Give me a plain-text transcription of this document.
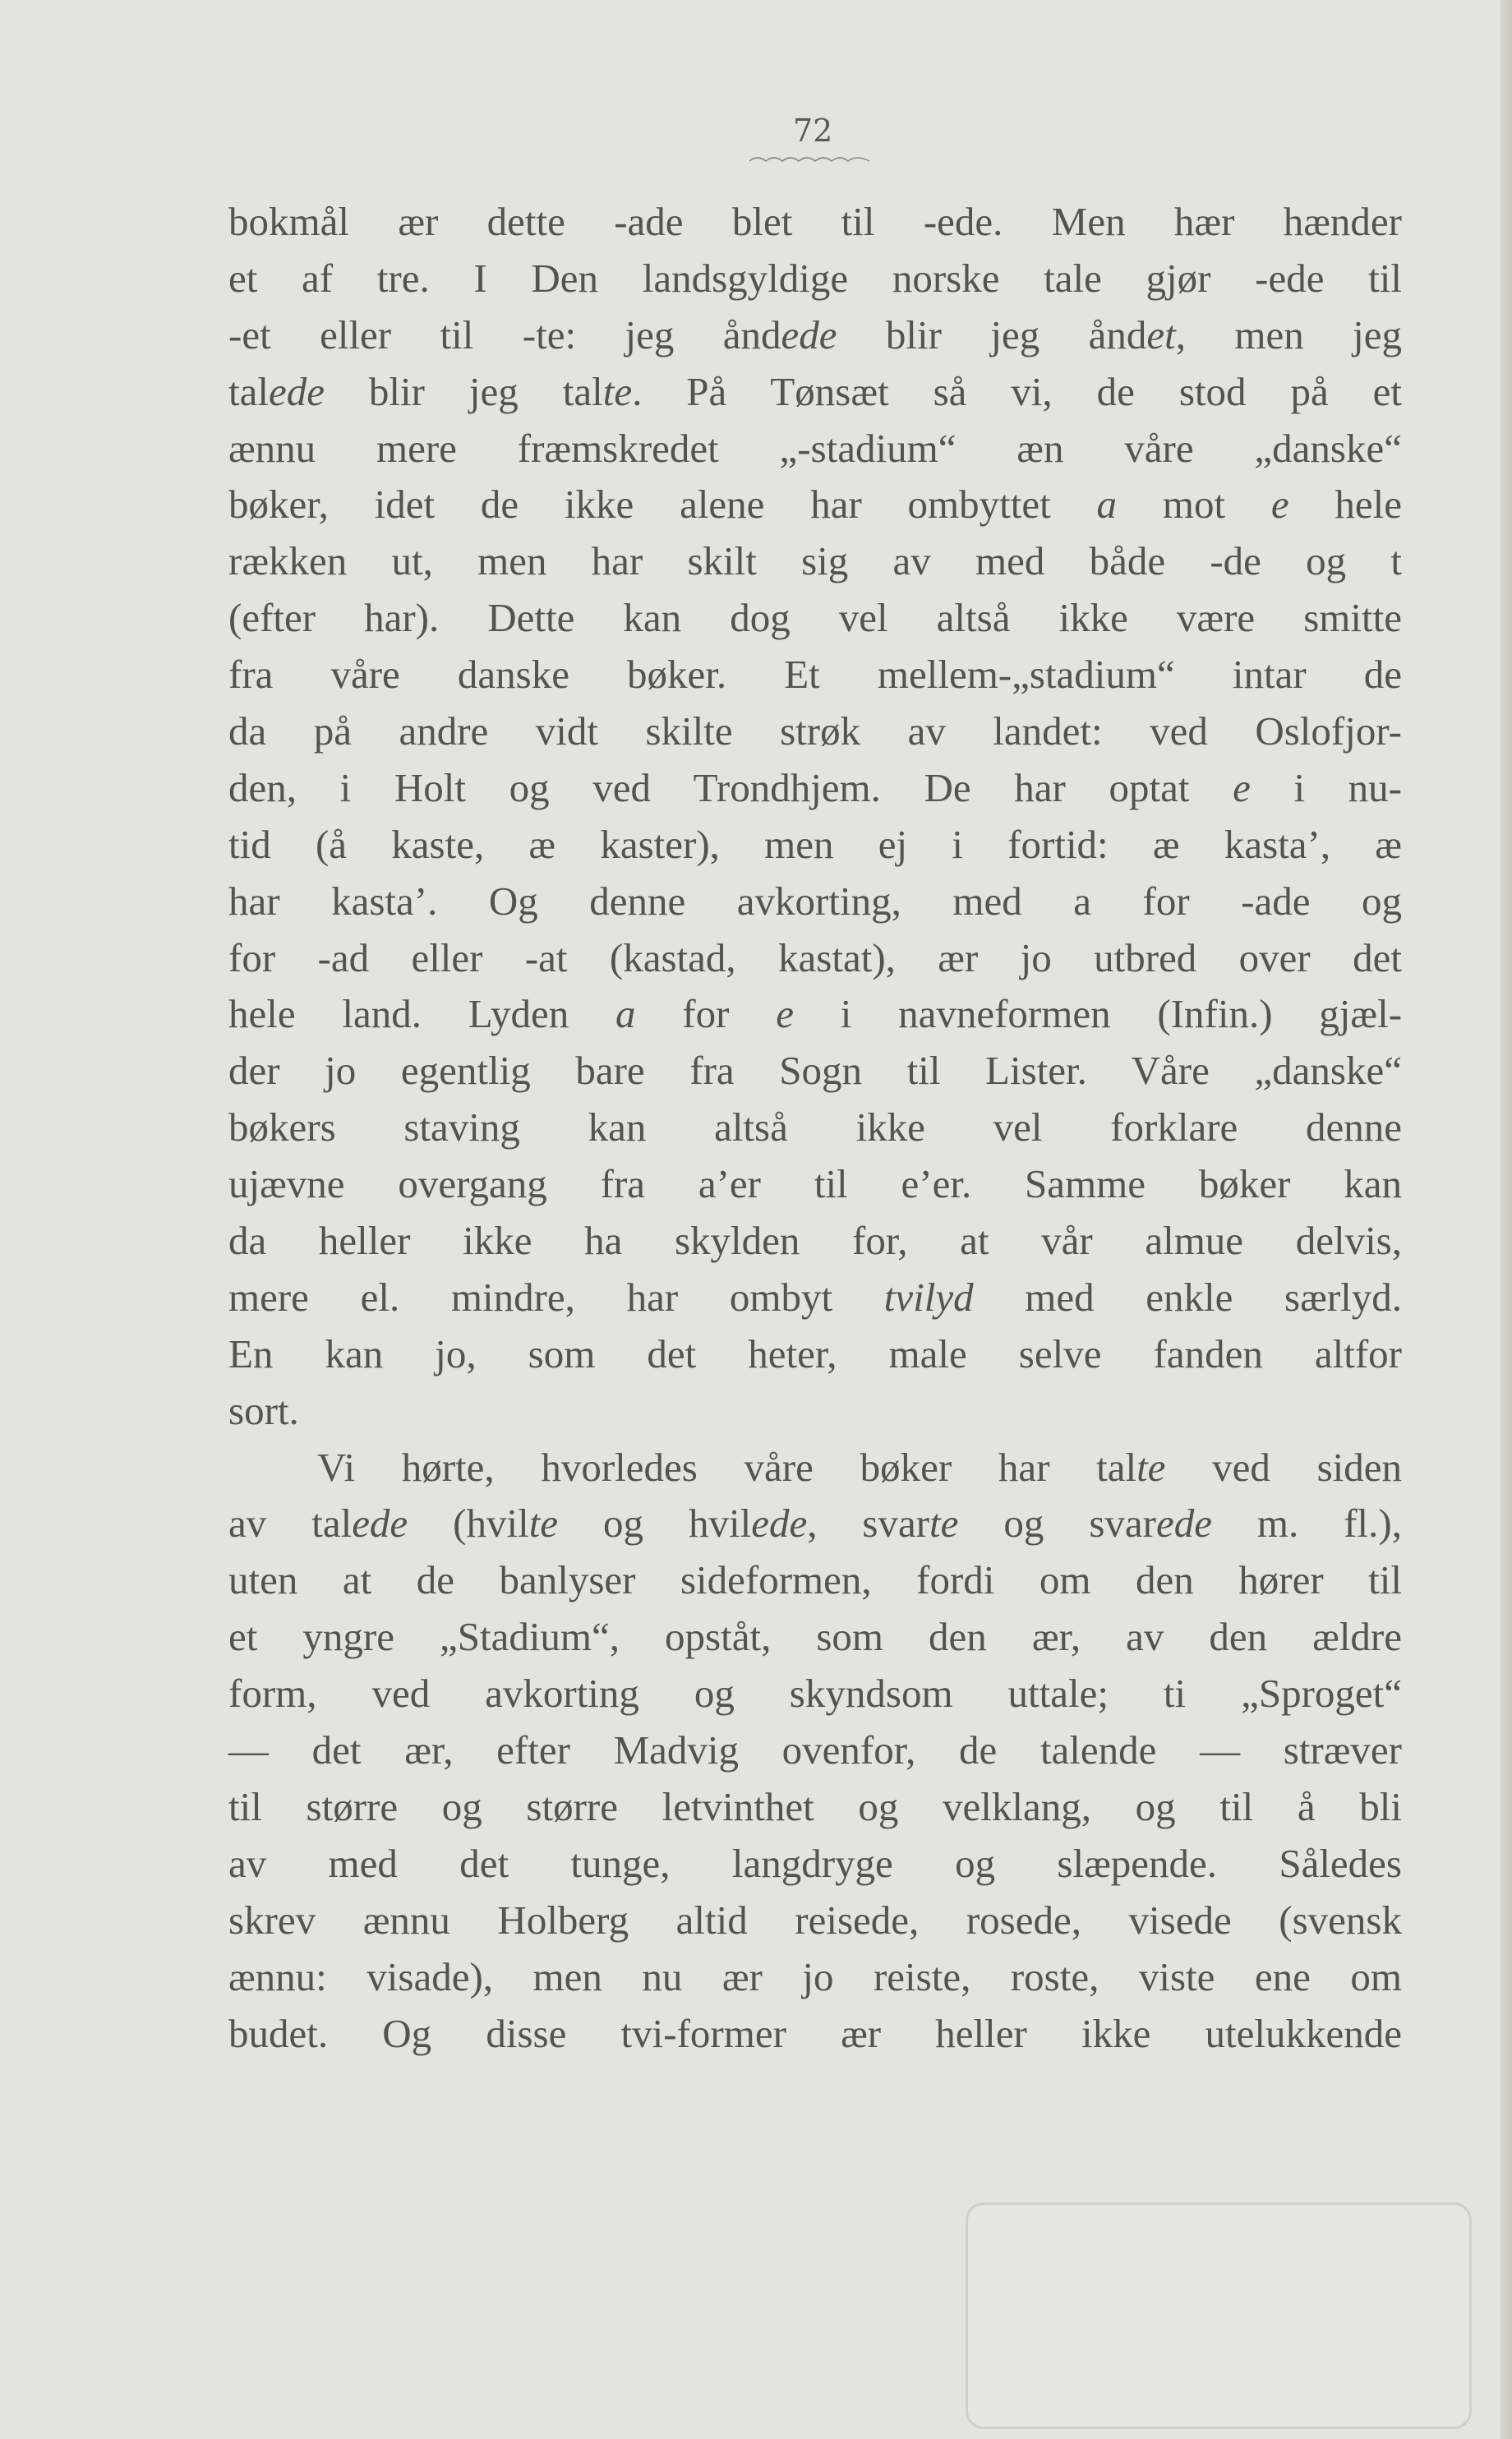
72
bokmål ær dette -ade blet til -ede. Men hær hænder
et af tre. I Den landsgyldige norske tale gjør -ede til
-et eller til -te: jeg åndede blir jeg åndet, men jeg
talede blir jeg talte. På Tønsæt så vi, de stod på et
ænnu mere fræmskredet „-stadium“ æn våre „danske“
bøker, idet de ikke alene har ombyttet a mot e hele
rækken ut, men har skilt sig av med både -de og t
(efter har). Dette kan dog vel altså ikke være smitte
fra våre danske bøker. Et mellem-„stadium“ intar de
da på andre vidt skilte strøk av landet: ved Oslofjor-
den, i Holt og ved Trondhjem. De har optat e i nu-
tid (å kaste, æ kaster), men ej i fortid: æ kasta’, æ
har kasta’. Og denne avkorting, med a for -ade og
for -ad eller -at (kastad, kastat), ær jo utbred over det
hele land. Lyden a for e i navneformen (Infin.) gjæl-
der jo egentlig bare fra Sogn til Lister. Våre „danske“
bøkers staving kan altså ikke vel forklare denne
ujævne overgang fra a’er til e’er. Samme bøker kan
da heller ikke ha skylden for, at vår almue delvis,
mere el. mindre, har ombyt tvilyd med enkle særlyd.
En kan jo, som det heter, male selve fanden altfor
sort.
Vi hørte, hvorledes våre bøker har talte ved siden
av talede (hvilte og hvilede, svarte og svarede m. fl.),
uten at de banlyser sideformen, fordi om den hører til
et yngre „Stadium“, opståt, som den ær, av den ældre
form, ved avkorting og skyndsom uttale; ti „Sproget“
— det ær, efter Madvig ovenfor, de talende — stræver
til større og større letvinthet og velklang, og til å bli
av med det tunge, langdryge og slæpende. Således
skrev ænnu Holberg altid reisede, rosede, visede (svensk
ænnu: visade), men nu ær jo reiste, roste, viste ene om
budet. Og disse tvi-former ær heller ikke utelukkende
